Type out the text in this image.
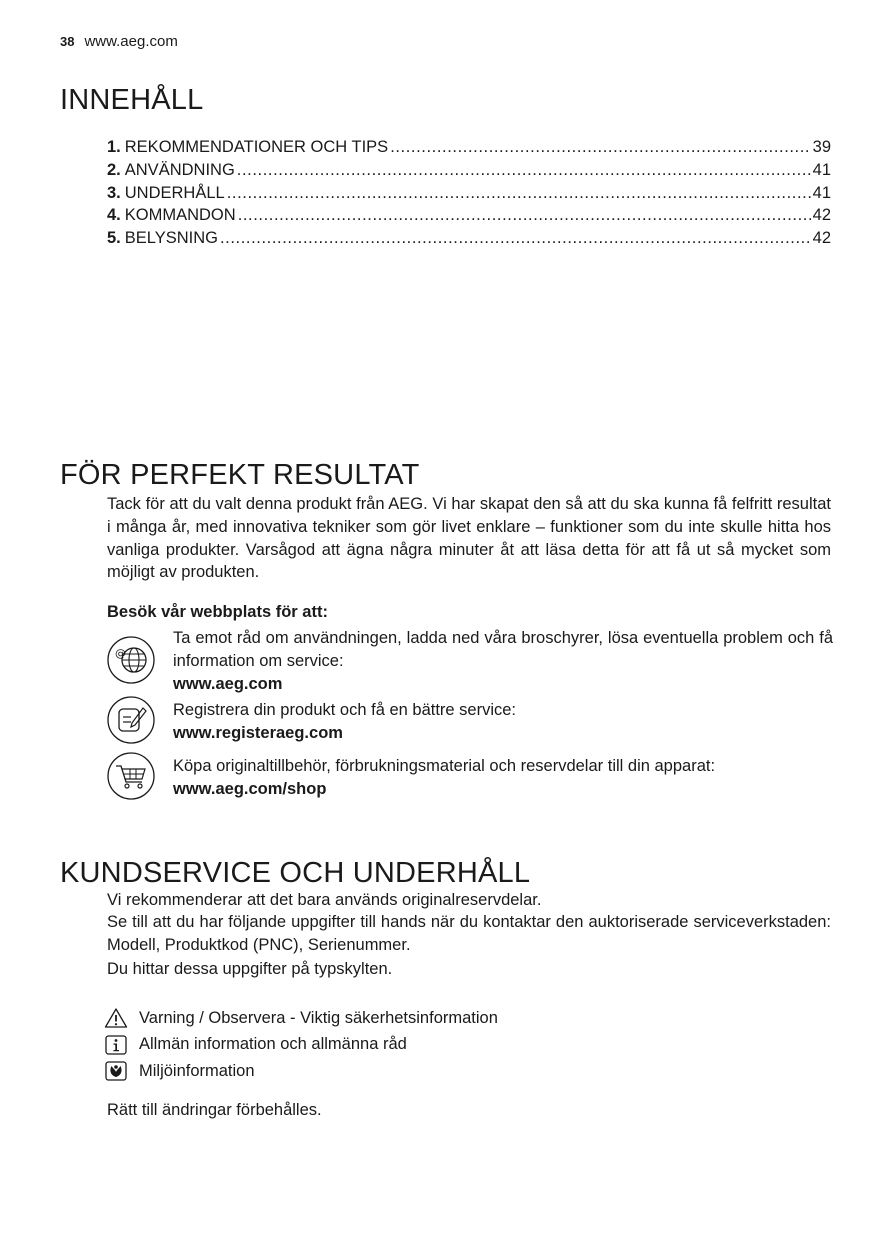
38 www.aeg.com
INNEHÅLL
1. REKOMMENDATIONER OCH TIPS .....	39
2. ANVÄNDNING .....	41
3. UNDERHÅLL .....	41
4. KOMMANDON .....	42
5. BELYSNING .....	42
FÖR PERFEKT RESULTAT

Tack för att du valt denna produkt från AEG. Vi har skapat den så att du ska kunna få felfritt resultat i många år, med innovativa tekniker som gör livet enklare – funktioner som du inte skulle hitta hos vanliga produkter. Varsågod att ägna några minuter åt att läsa detta för att få ut så mycket som möjligt av produkten.

Besök vår webbplats för att:
@
Ta emot råd om användningen, ladda ned våra broschyrer, lösa eventuella problem och få information om service:
www.aeg.com
Registrera din produkt och få en bättre service:
www.registeraeg.com
Köpa originaltillbehör, förbrukningsmaterial och reservdelar till din apparat:
www.aeg.com/shop
KUNDSERVICE OCH UNDERHÅLL

Vi rekommenderar att det bara används originalreservdelar.

Se till att du har följande uppgifter till hands när du kontaktar den auktoriserade serviceverkstaden: Modell, Produktkod (PNC), Serienummer.

Du hittar dessa uppgifter på typskylten.

Varning / Observera - Viktig säkerhetsinformation
Allmän information och allmänna råd
Miljöinformation

Rätt till ändringar förbehålles.
